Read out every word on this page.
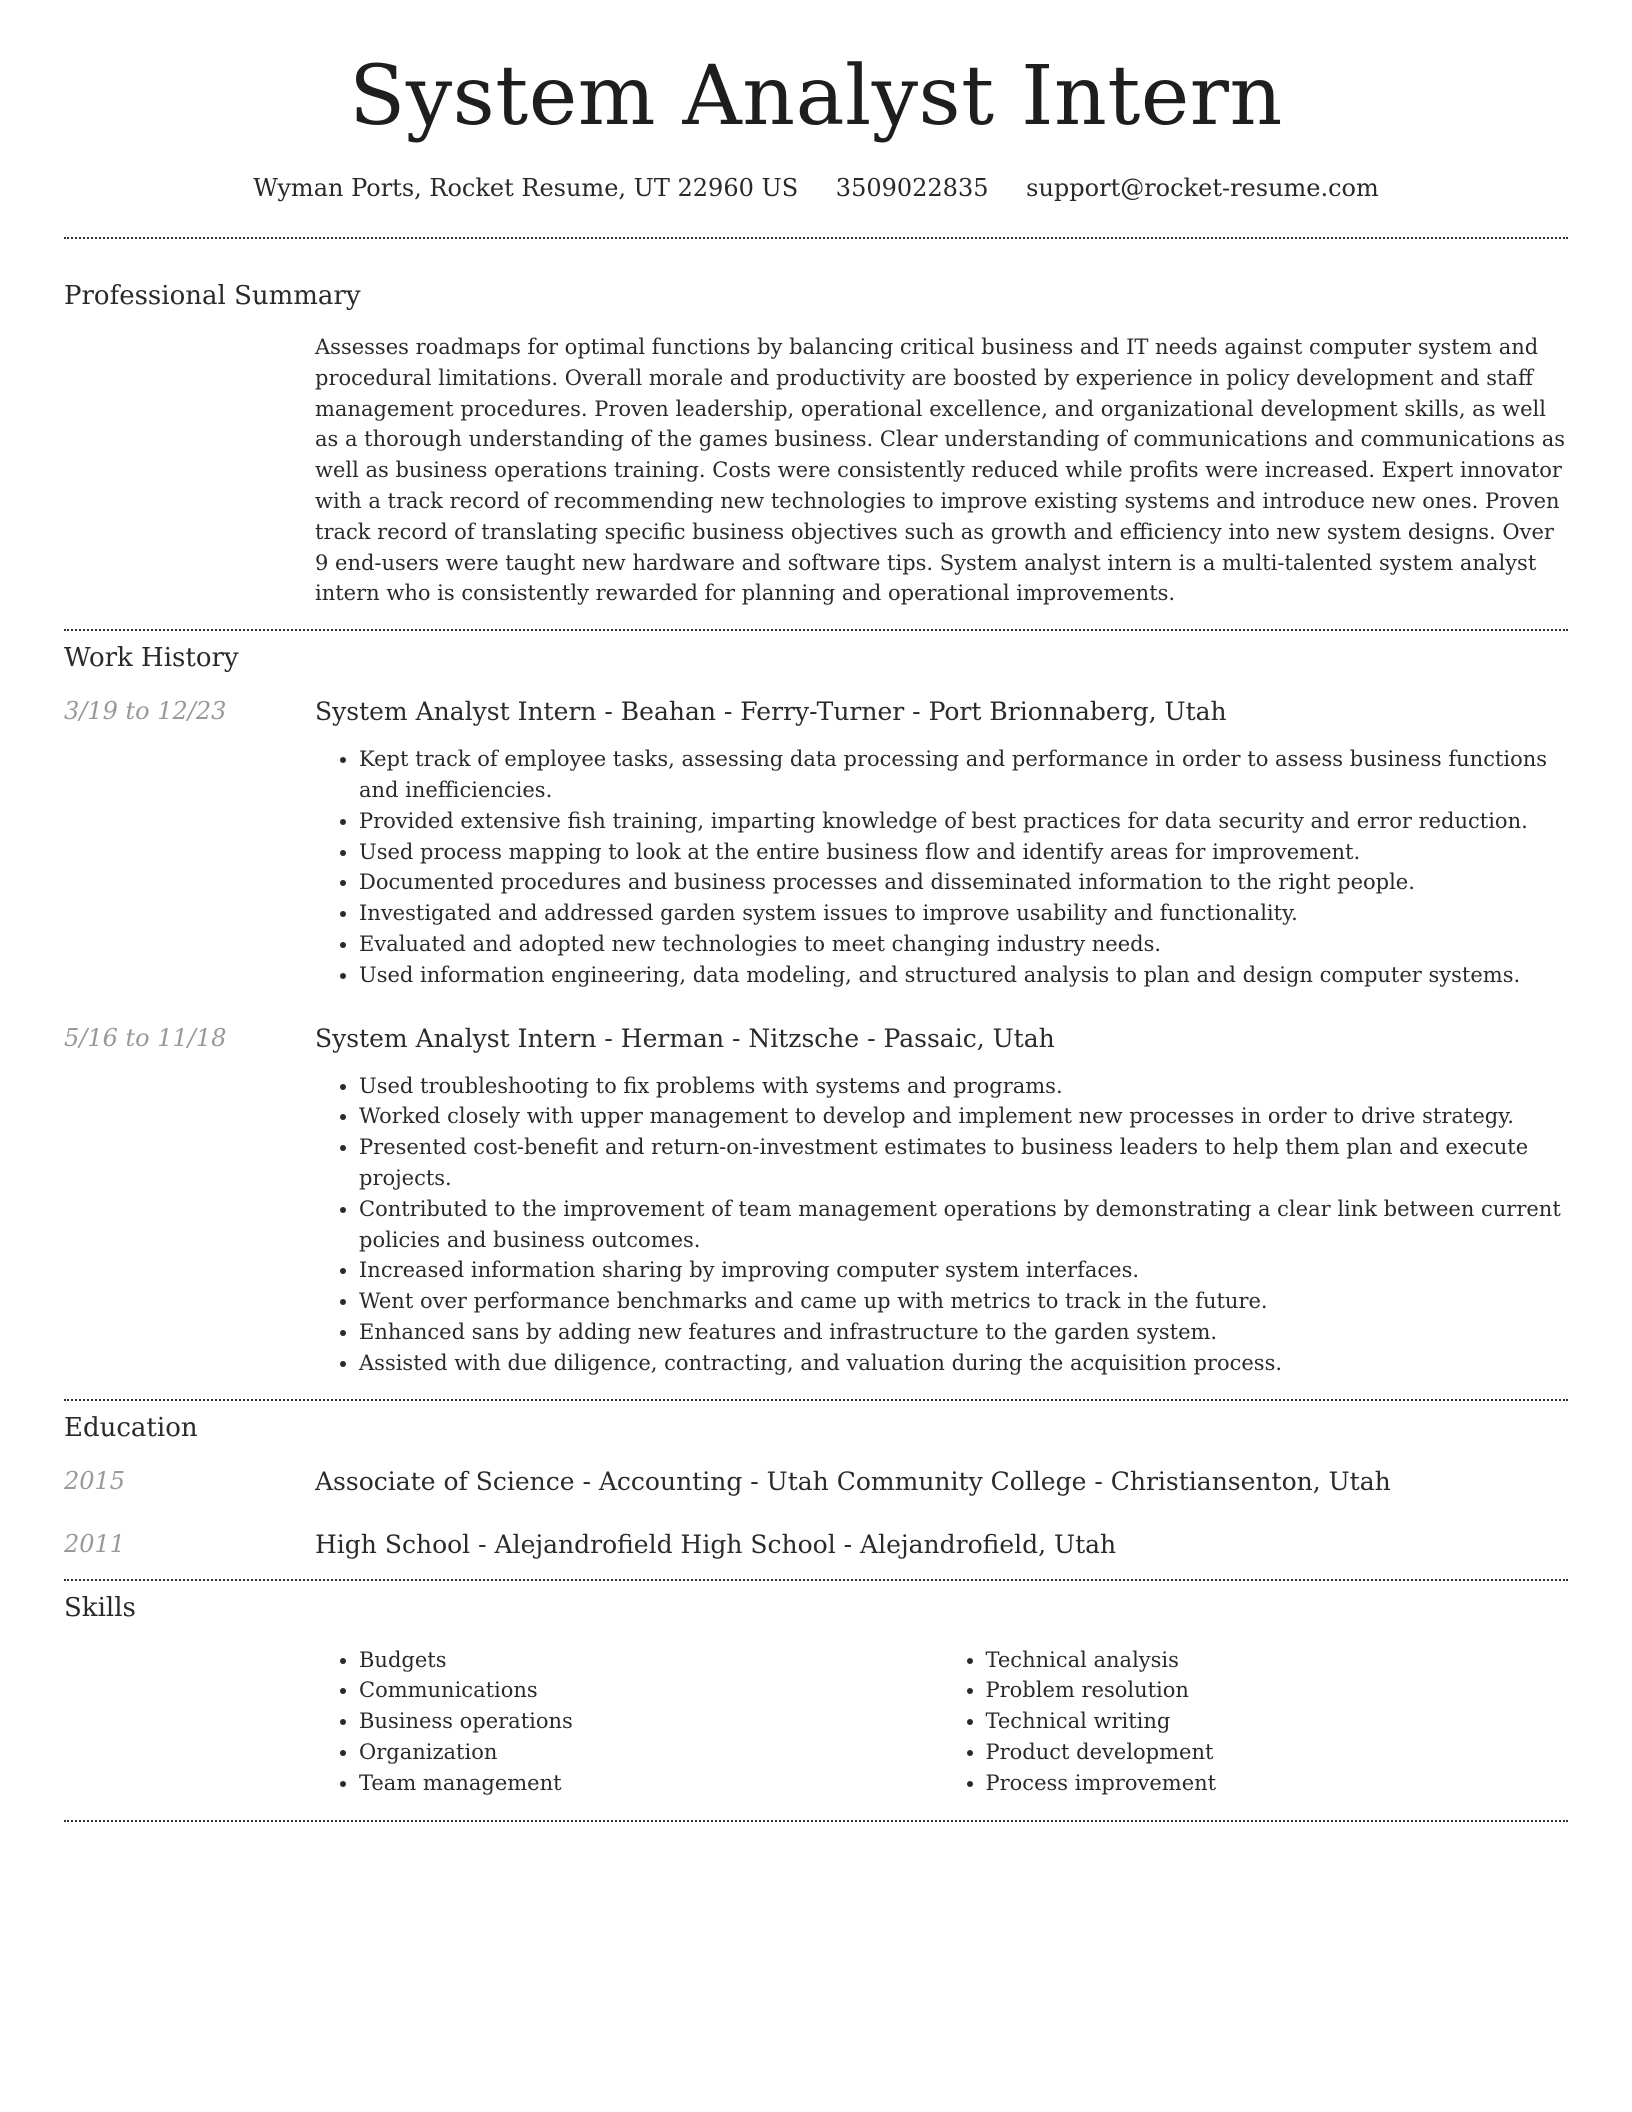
System Analyst Intern
Wyman Ports, Rocket Resume, UT 22960 US 3509022835 support@rocket-resume.com
Professional Summary

Assesses roadmaps for optimal functions by balancing critical business and IT needs against computer system and procedural limitations. Overall morale and productivity are boosted by experience in policy development and staff management procedures. Proven leadership, operational excellence, and organizational development skills, as well as a thorough understanding of the games business. Clear understanding of communications and communications as well as business operations training. Costs were consistently reduced while profits were increased. Expert innovator with a track record of recommending new technologies to improve existing systems and introduce new ones. Proven track record of translating specific business objectives such as growth and efficiency into new system designs. Over 9 end-users were taught new hardware and software tips. System analyst intern is a multi-talented system analyst intern who is consistently rewarded for planning and operational improvements.

Work History
3/19 to 12/23	System Analyst Intern - Beahan - Ferry-Turner - Port Brionnaberg, Utah
• Kept track of employee tasks, assessing data processing and performance in order to assess business functions and inefficiencies.
• Provided extensive fish training, imparting knowledge of best practices for data security and error reduction.
• Used process mapping to look at the entire business flow and identify areas for improvement.
• Documented procedures and business processes and disseminated information to the right people.
• Investigated and addressed garden system issues to improve usability and functionality.
• Evaluated and adopted new technologies to meet changing industry needs.
• Used information engineering, data modeling, and structured analysis to plan and design computer systems.
5/16 to 11/18	System Analyst Intern - Herman - Nitzsche - Passaic, Utah
• Used troubleshooting to fix problems with systems and programs.
• Worked closely with upper management to develop and implement new processes in order to drive strategy.
• Presented cost-benefit and return-on-investment estimates to business leaders to help them plan and execute projects.
• Contributed to the improvement of team management operations by demonstrating a clear link between current policies and business outcomes.
• Increased information sharing by improving computer system interfaces.
• Went over performance benchmarks and came up with metrics to track in the future.
• Enhanced sans by adding new features and infrastructure to the garden system.
• Assisted with due diligence, contracting, and valuation during the acquisition process.
Education
2015	Associate of Science - Accounting - Utah Community College - Christiansenton, Utah
2011	High School - Alejandrofield High School - Alejandrofield, Utah
Skills
• Budgets
• Communications
• Business operations
• Organization
• Team management
• Technical analysis
• Problem resolution
• Technical writing
• Product development
• Process improvement
